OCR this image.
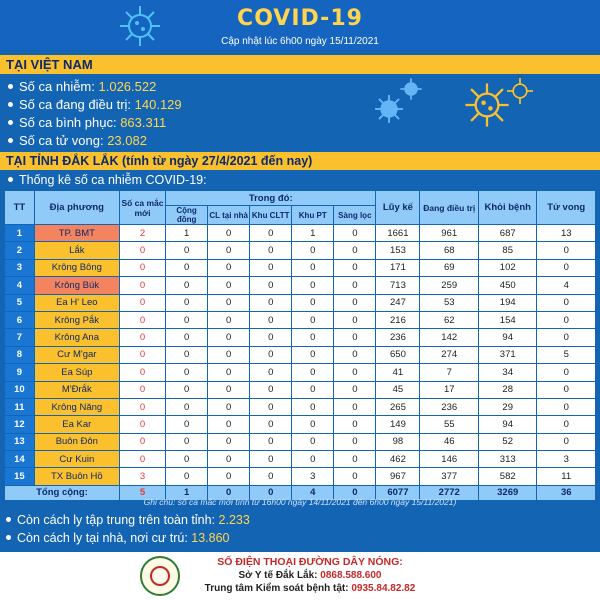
COVID-19
Cập nhật lúc 6h00 ngày 15/11/2021
TẠI VIỆT NAM
Số ca nhiễm: 1.026.522
Số ca đang điều trị: 140.129
Số ca bình phục: 863.311
Số ca tử vong: 23.082
TẠI TỈNH ĐẮK LẮK (tính từ ngày 27/4/2021 đến nay)
Thống kê số ca nhiễm COVID-19:
TT	Địa phương	Số ca mắc mới	Trong đó:					Lũy kế	Đang điều trị	Khỏi bệnh	Tử vong
			Cộng đồng	CL tại nhà	Khu CLTT	Khu PT	Sàng lọc				
1	TP. BMT	2	1	0	0	1	0	1661	961	687	13
2	Lắk	0	0	0	0	0	0	153	68	85	0
3	Krông Bông	0	0	0	0	0	0	171	69	102	0
4	Krông Búk	0	0	0	0	0	0	713	259	450	4
5	Ea H' Leo	0	0	0	0	0	0	247	53	194	0
6	Krông Pắk	0	0	0	0	0	0	216	62	154	0
7	Krông Ana	0	0	0	0	0	0	236	142	94	0
8	Cư M'gar	0	0	0	0	0	0	650	274	371	5
9	Ea Súp	0	0	0	0	0	0	41	7	34	0
10	M'Đrắk	0	0	0	0	0	0	45	17	28	0
11	Krông Năng	0	0	0	0	0	0	265	236	29	0
12	Ea Kar	0	0	0	0	0	0	149	55	94	0
13	Buôn Đôn	0	0	0	0	0	0	98	46	52	0
14	Cư Kuin	0	0	0	0	0	0	462	146	313	3
15	TX Buôn Hồ	3	0	0	0	3	0	967	377	582	11
Tổng cộng:		5	1	0	0	4	0	6077	2772	3269	36
Ghi chú: số ca mắc mới tính từ 16h00 ngày 14/11/2021 đến 6h00 ngày 15/11/2021)
Còn cách ly tập trung trên toàn tỉnh: 2.233
Còn cách ly tại nhà, nơi cư trú: 13.860
SỐ ĐIỆN THOẠI ĐƯỜNG DÂY NÓNG:
Sở Y tế Đắk Lắk: 0868.588.600
Trung tâm Kiểm soát bệnh tật: 0935.84.82.82
